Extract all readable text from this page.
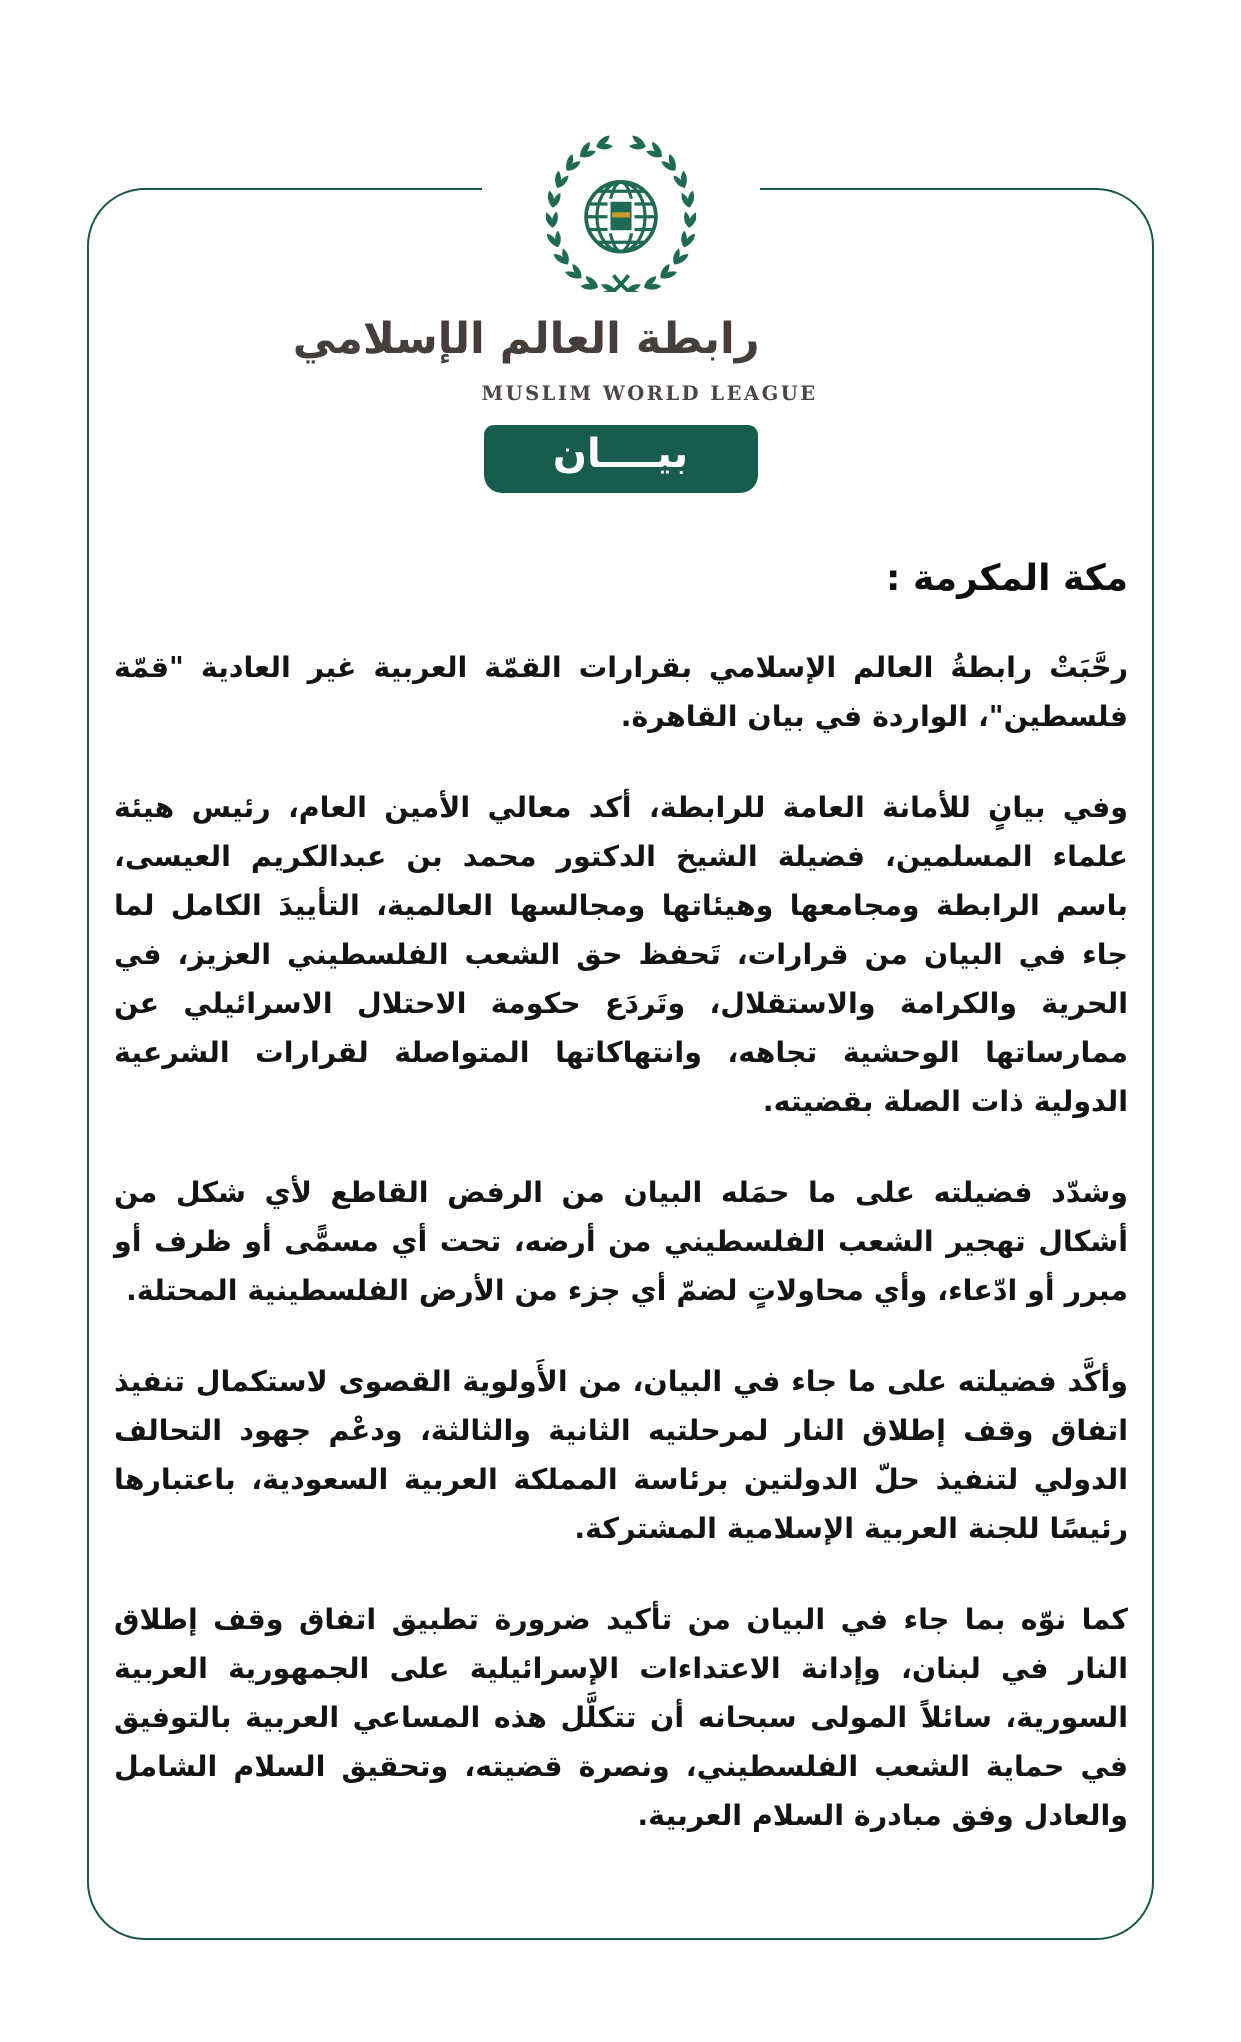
رابطة العالم الإسلامي
MUSLIM WORLD LEAGUE
بيــــان
مكة المكرمة :

رحَّبَتْ رابطةُ العالم الإسلامي بقرارات القمّة العربية غير العادية "قمّة فلسطين"، الواردة في بيان القاهرة.

وفي بيانٍ للأمانة العامة للرابطة، أكد معالي الأمين العام، رئيس هيئة علماء المسلمين، فضيلة الشيخ الدكتور محمد بن عبدالكريم العيسى، باسم الرابطة ومجامعها وهيئاتها ومجالسها العالمية، التأييدَ الكامل لما جاء في البيان من قرارات، تَحفظ حق الشعب الفلسطيني العزيز، في الحرية والكرامة والاستقلال، وتَردَع حكومة الاحتلال الاسرائيلي عن ممارساتها الوحشية تجاهه، وانتهاكاتها المتواصلة لقرارات الشرعية الدولية ذات الصلة بقضيته.

وشدّد فضيلته على ما حمَله البيان من الرفض القاطع لأي شكل من أشكال تهجير الشعب الفلسطيني من أرضه، تحت أي مسمًّى أو ظرف أو مبرر أو ادّعاء، وأي محاولاتٍ لضمّ أي جزء من الأرض الفلسطينية المحتلة.

وأكَّد فضيلته على ما جاء في البيان، من الأَولوية القصوى لاستكمال تنفيذ اتفاق وقف إطلاق النار لمرحلتيه الثانية والثالثة، ودعْم جهود التحالف الدولي لتنفيذ حلّ الدولتين برئاسة المملكة العربية السعودية، باعتبارها رئيسًا للجنة العربية الإسلامية المشتركة.

كما نوّه بما جاء في البيان من تأكيد ضرورة تطبيق اتفاق وقف إطلاق النار في لبنان، وإدانة الاعتداءات الإسرائيلية على الجمهورية العربية السورية، سائلاً المولى سبحانه أن تتكلَّل هذه المساعي العربية بالتوفيق في حماية الشعب الفلسطيني، ونصرة قضيته، وتحقيق السلام الشامل والعادل وفق مبادرة السلام العربية.
